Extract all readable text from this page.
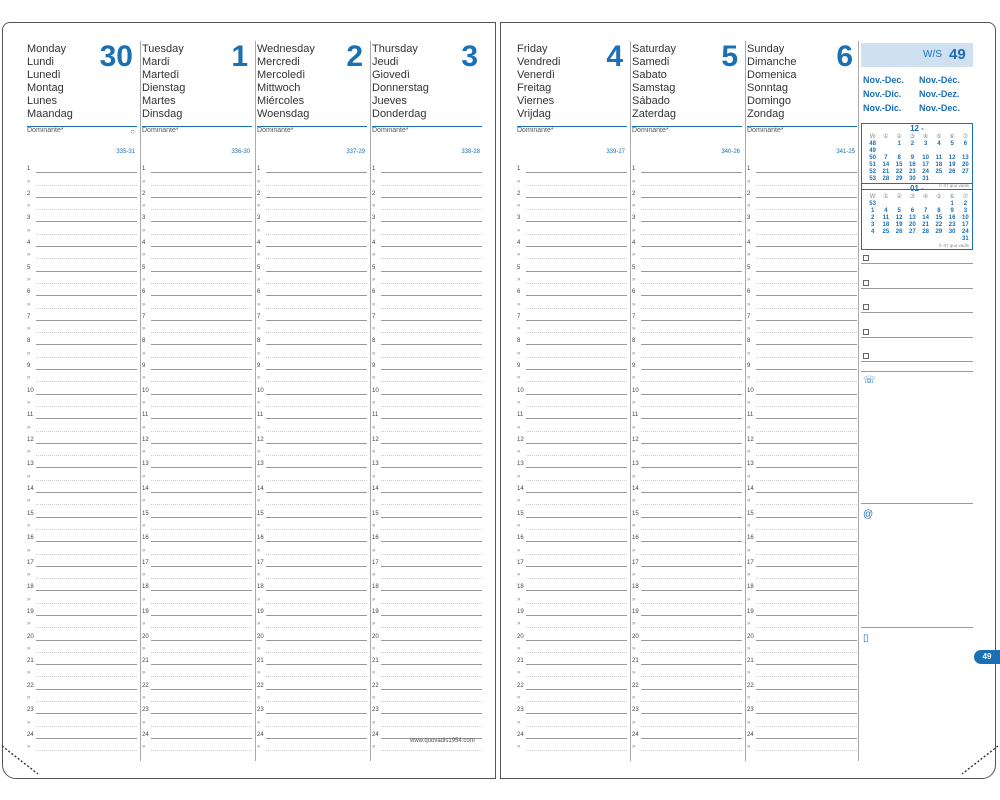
Monday
Lundi
Lunedì
Montag
Lunes
Maandag
30
Dominante*	○
335-31
1
»
2
»
3
»
4
»
5
»
6
»
7
»
8
»
9
»
10
»
11
»
12
»
13
»
14
»
15
»
16
»
17
»
18
»
19
»
20
»
21
»
22
»
23
»
24
»
Tuesday
Mardi
Martedì
Dienstag
Martes
Dinsdag
1
Dominante*
336-30
1
»
2
»
3
»
4
»
5
»
6
»
7
»
8
»
9
»
10
»
11
»
12
»
13
»
14
»
15
»
16
»
17
»
18
»
19
»
20
»
21
»
22
»
23
»
24
»
Wednesday
Mercredi
Mercoledì
Mittwoch
Miércoles
Woensdag
2
Dominante*
337-29
1
»
2
»
3
»
4
»
5
»
6
»
7
»
8
»
9
»
10
»
11
»
12
»
13
»
14
»
15
»
16
»
17
»
18
»
19
»
20
»
21
»
22
»
23
»
24
»
Thursday
Jeudi
Giovedì
Donnerstag
Jueves
Donderdag
3
Dominante*
338-28
1
»
2
»
3
»
4
»
5
»
6
»
7
»
8
»
9
»
10
»
11
»
12
»
13
»
14
»
15
»
16
»
17
»
18
»
19
»
20
»
21
»
22
»
23
»
24
»
W/S 49
Friday
Vendredi
Venerdì
Freitag
Viernes
Vrijdag
4
Dominante*
339-27
1
»
2
»
3
»
4
»
5
»
6
»
7
»
8
»
9
»
10
»
11
»
12
»
13
»
14
»
15
»
16
»
17
»
18
»
19
»
20
»
21
»
22
»
23
»
24
»
Saturday
Samedi
Sabato
Samstag
Sábado
Zaterdag
5
Dominante*
340-26
1
»
2
»
3
»
4
»
5
»
6
»
7
»
8
»
9
»
10
»
11
»
12
»
13
»
14
»
15
»
16
»
17
»
18
»
19
»
20
»
21
»
22
»
23
»
24
»
Sunday
Dimanche
Domenica
Sonntag
Domingo
Zondag
6
Dominante*
341-25
1
»
2
»
3
»
4
»
5
»
6
»
7
»
8
»
9
»
10
»
11
»
12
»
13
»
14
»
15
»
16
»
17
»
18
»
19
»
20
»
21
»
22
»
23
»
24
»
Nov.-Dec. Nov.-Déc.
Nov.-Dic. Nov.-Dez.
Nov.-Dic. Nov.-Dec.
12 -
W	①	②	③	④	⑤	⑥	⑦
48		1	2	3	4	5	6
49							
50	7	8	9	10	11	12	13
51	14	15	16	17	18	19	20
52	21	22	23	24	25	26	27
53	28	29	30	31			
© 07 quo vadis
01 -
W	①	②	③	④	⑤	⑥	⑦
53						1	2
1	4	5	6	7	8	9	3
2	11	12	13	14	15	16	10
3	18	19	20	21	22	23	17
4	25	26	27	28	29	30	24
							31
© 07 quo vadis
☏
@
▯
www.quovadis1954.com
49
